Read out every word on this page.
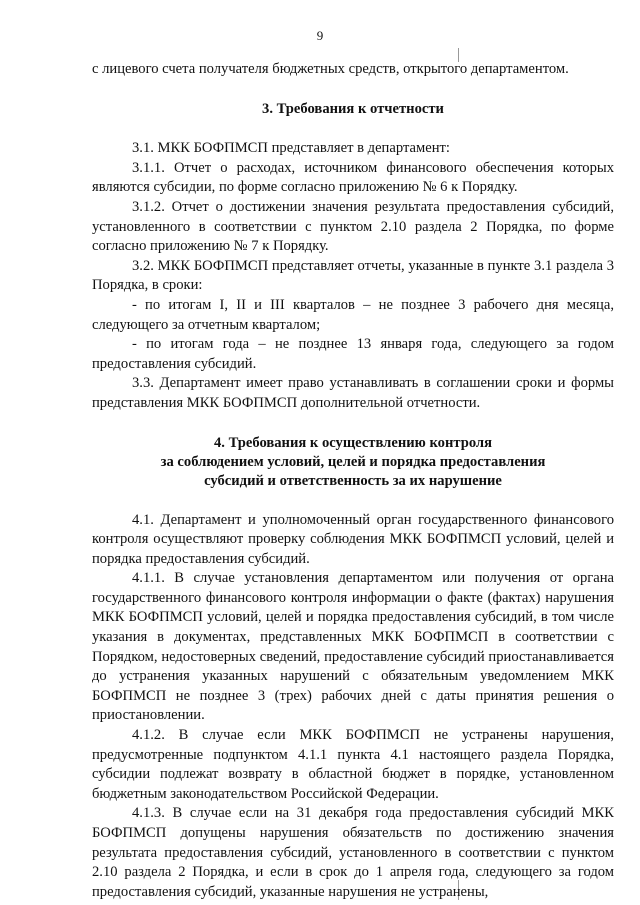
9

с лицевого счета получателя бюджетных средств, открытого департаментом.

3. Требования к отчетности

3.1. МКК БОФПМСП представляет в департамент:

3.1.1. Отчет о расходах, источником финансового обеспечения которых являются субсидии, по форме согласно приложению № 6 к Порядку.

3.1.2. Отчет о достижении значения результата предоставления субсидий, установленного в соответствии с пунктом 2.10 раздела 2 Порядка, по форме согласно приложению № 7 к Порядку.

3.2. МКК БОФПМСП представляет отчеты, указанные в пункте 3.1 раздела 3 Порядка, в сроки:

- по итогам I, II и III кварталов – не позднее 3 рабочего дня месяца, следующего за отчетным кварталом;

- по итогам года – не позднее 13 января года, следующего за годом предоставления субсидий.

3.3. Департамент имеет право устанавливать в соглашении сроки и формы представления МКК БОФПМСП дополнительной отчетности.

4. Требования к осуществлению контроля
за соблюдением условий, целей и порядка предоставления
субсидий и ответственность за их нарушение

4.1. Департамент и уполномоченный орган государственного финансового контроля осуществляют проверку соблюдения МКК БОФПМСП условий, целей и порядка предоставления субсидий.

4.1.1. В случае установления департаментом или получения от органа государственного финансового контроля информации о факте (фактах) нарушения МКК БОФПМСП условий, целей и порядка предоставления субсидий, в том числе указания в документах, представленных МКК БОФПМСП в соответствии с Порядком, недостоверных сведений, предоставление субсидий приостанавливается до устранения указанных нарушений с обязательным уведомлением МКК БОФПМСП не позднее 3 (трех) рабочих дней с даты принятия решения о приостановлении.

4.1.2. В случае если МКК БОФПМСП не устранены нарушения, предусмотренные подпунктом 4.1.1 пункта 4.1 настоящего раздела Порядка, субсидии подлежат возврату в областной бюджет в порядке, установленном бюджетным законодательством Российской Федерации.

4.1.3. В случае если на 31 декабря года предоставления субсидий МКК БОФПМСП допущены нарушения обязательств по достижению значения результата предоставления субсидий, установленного в соответствии с пунктом 2.10 раздела 2 Порядка, и если в срок до 1 апреля года, следующего за годом предоставления субсидий, указанные нарушения не устранены,
